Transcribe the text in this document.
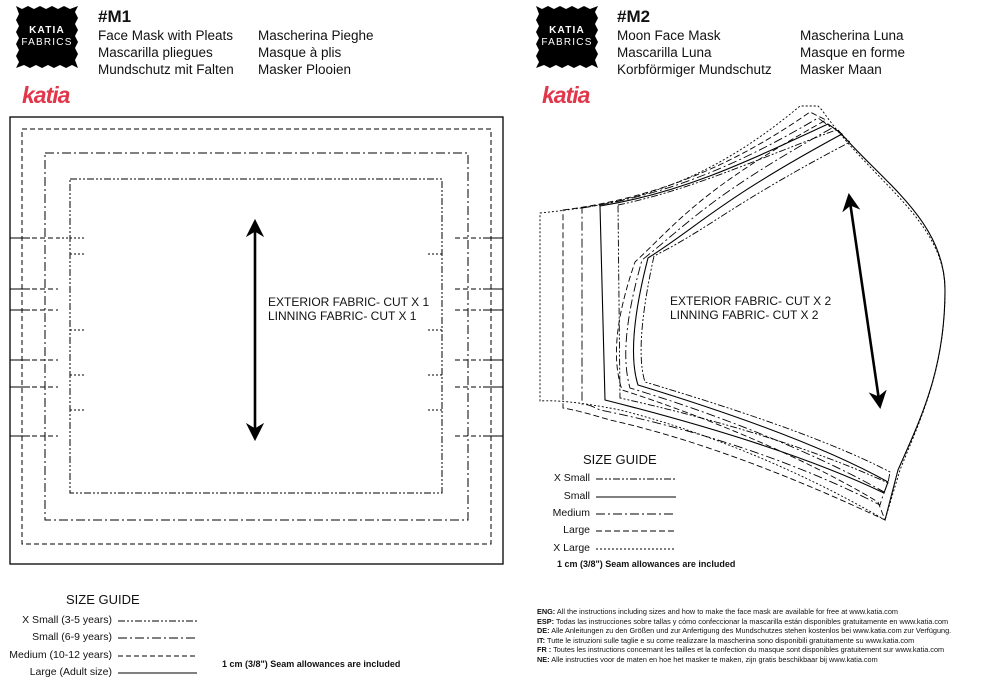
KATIA
FABRICS
katia
#M1
Face Mask with Pleats
Mascarilla pliegues
Mundschutz mit Falten
Mascherina Pieghe
Masque à plis
Masker Plooien
EXTERIOR FABRIC- CUT X 1
LINNING FABRIC- CUT X 1
SIZE GUIDE
X Small (3-5 years)
Small (6-9 years)
Medium (10-12 years)
Large (Adult size)
1 cm (3/8") Seam allowances are included
KATIA
FABRICS
katia
#M2
Moon Face Mask
Mascarilla Luna
Korbförmiger Mundschutz
Mascherina Luna
Masque en forme
Masker Maan
EXTERIOR FABRIC- CUT X 2
LINNING FABRIC- CUT X 2
SIZE GUIDE
X Small
Small
Medium
Large
X Large
1 cm (3/8") Seam allowances are included
ENG: All the instructions including sizes and how to make the face mask are available for free at www.katia.com
ESP: Todas las instrucciones sobre tallas y cómo confeccionar la mascarilla están disponibles gratuitamente en www.katia.com
DE: Alle Anleitungen zu den Größen und zur Anfertigung des Mundschutzes stehen kostenlos bei www.katia.com zur Verfügung.
IT: Tutte le istruzioni sulle taglie e su come realizzare la mascherina sono disponibili gratuitamente su www.katia.com
FR : Toutes les instructions concernant les tailles et la confection du masque sont disponibles gratuitement sur www.katia.com
NE: Alle instructies voor de maten en hoe het masker te maken, zijn gratis beschikbaar bij www.katia.com
